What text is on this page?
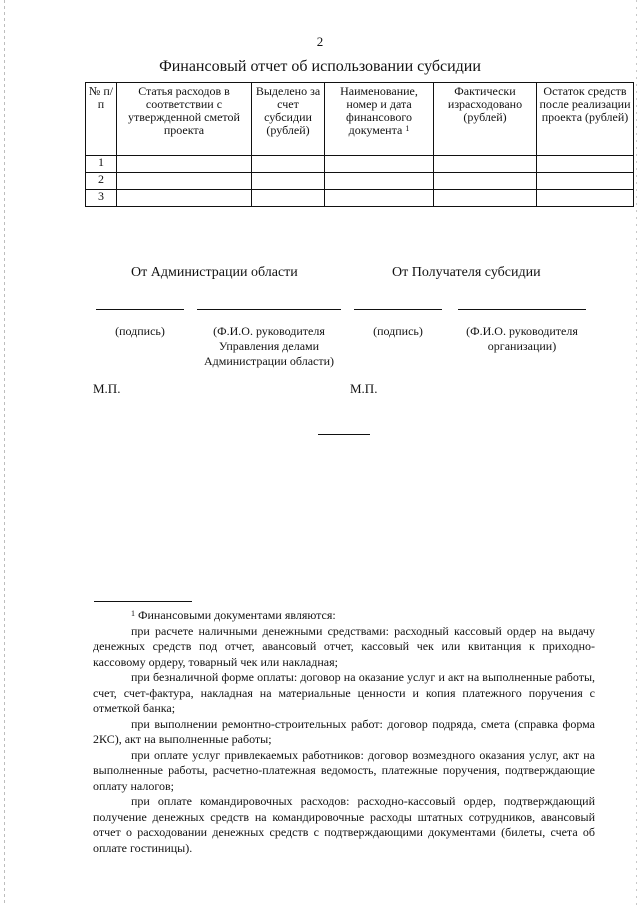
2
Финансовый отчет об использовании субсидии
№ п/п	Статья расходов в соответствии с утвержденной сметой проекта	Выделено за счет субсидии (рублей)	Наименование, номер и дата финансового документа $^1$	Фактически израсходовано (рублей)	Остаток средств после реализации проекта (рублей)
1					
2					
3					
От Администрации области	От Получателя субсидии
(подпись)	(Ф.И.О. руководителя
Управления делами
Администрации области)
(подпись)	(Ф.И.О. руководителя
организации)
М.П.	М.П.

$^1$ Финансовыми документами являются:

при расчете наличными денежными средствами: расходный кассовый ордер на выдачу денежных средств под отчет, авансовый отчет, кассовый чек или квитанция к приходно-кассовому ордеру, товарный чек или накладная;

при безналичной форме оплаты: договор на оказание услуг и акт на выполненные работы, счет, счет-фактура, накладная на материальные ценности и копия платежного поручения с отметкой банка;

при выполнении ремонтно-строительных работ: договор подряда, смета (справка форма 2КС), акт на выполненные работы;

при оплате услуг привлекаемых работников: договор возмездного оказания услуг, акт на выполненные работы, расчетно-платежная ведомость, платежные поручения, подтверждающие оплату налогов;

при оплате командировочных расходов: расходно-кассовый ордер, подтверждающий получение денежных средств на командировочные расходы штатных сотрудников, авансовый отчет о расходовании денежных средств с подтверждающими документами (билеты, счета об оплате гостиницы).
